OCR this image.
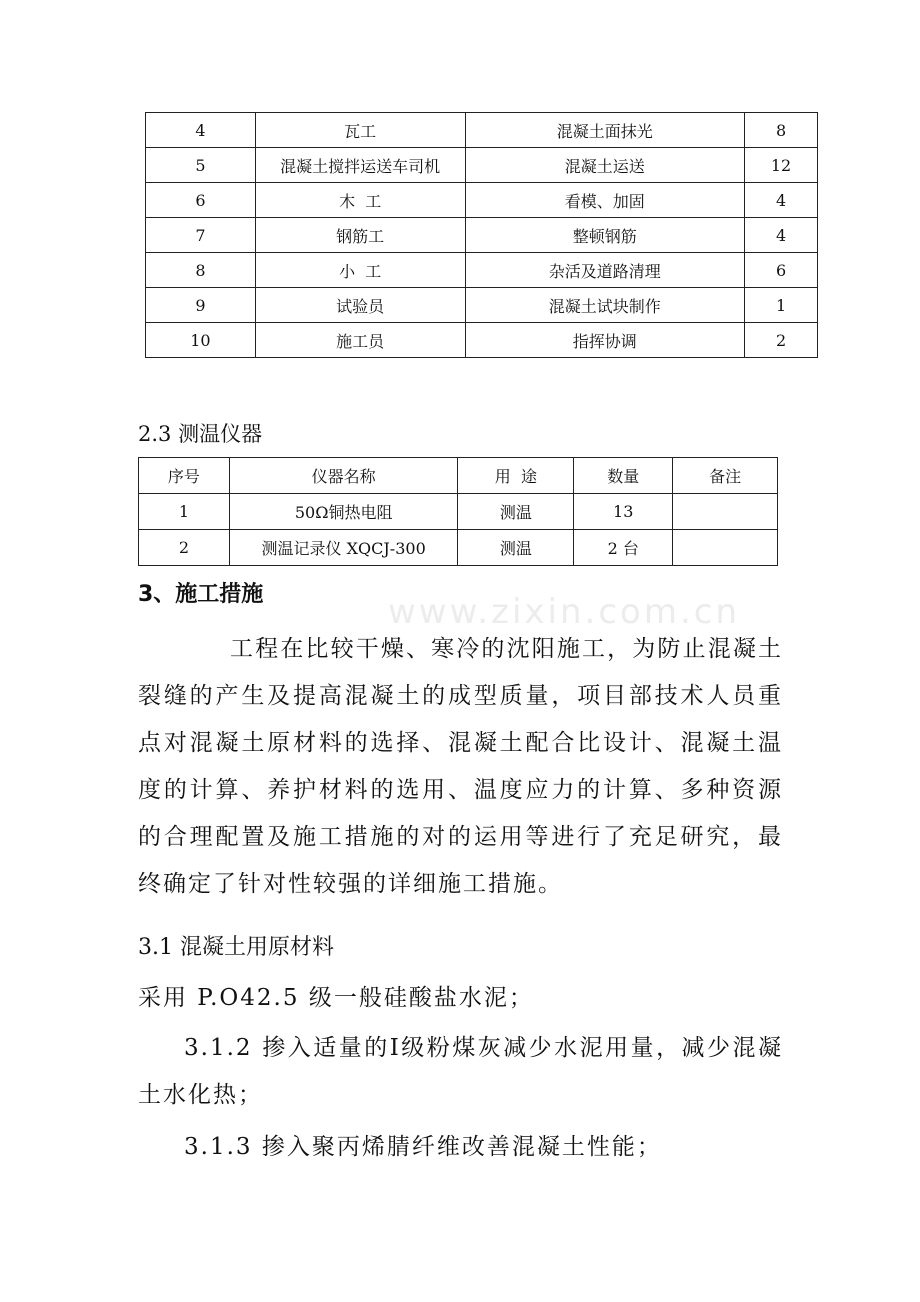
www.zixin.com.cn
4	瓦工	混凝土面抹光	8
5	混凝土搅拌运送车司机	混凝土运送	12
6	木  工	看模、加固	4
7	钢筋工	整顿钢筋	4
8	小  工	杂活及道路清理	6
9	试验员	混凝土试块制作	1
10	施工员	指挥协调	2
2.3 测温仪器
序号	仪器名称	用  途	数量	备注
1	50Ω铜热电阻	测温	13	
2	测温记录仪 XQCJ-300	测温	2 台	
3、施工措施

工程在比较干燥、寒冷的沈阳施工，为防止混凝土裂缝的产生及提高混凝土的成型质量，项目部技术人员重点对混凝土原材料的选择、混凝土配合比设计、混凝土温度的计算、养护材料的选用、温度应力的计算、多种资源的合理配置及施工措施的对的运用等进行了充足研究，最终确定了针对性较强的详细施工措施。

3.1 混凝土用原材料

采用 P.O42.5 级一般硅酸盐水泥；

3.1.2 掺入适量的Ⅰ级粉煤灰减少水泥用量，减少混凝土水化热；

3.1.3 掺入聚丙烯腈纤维改善混凝土性能；
